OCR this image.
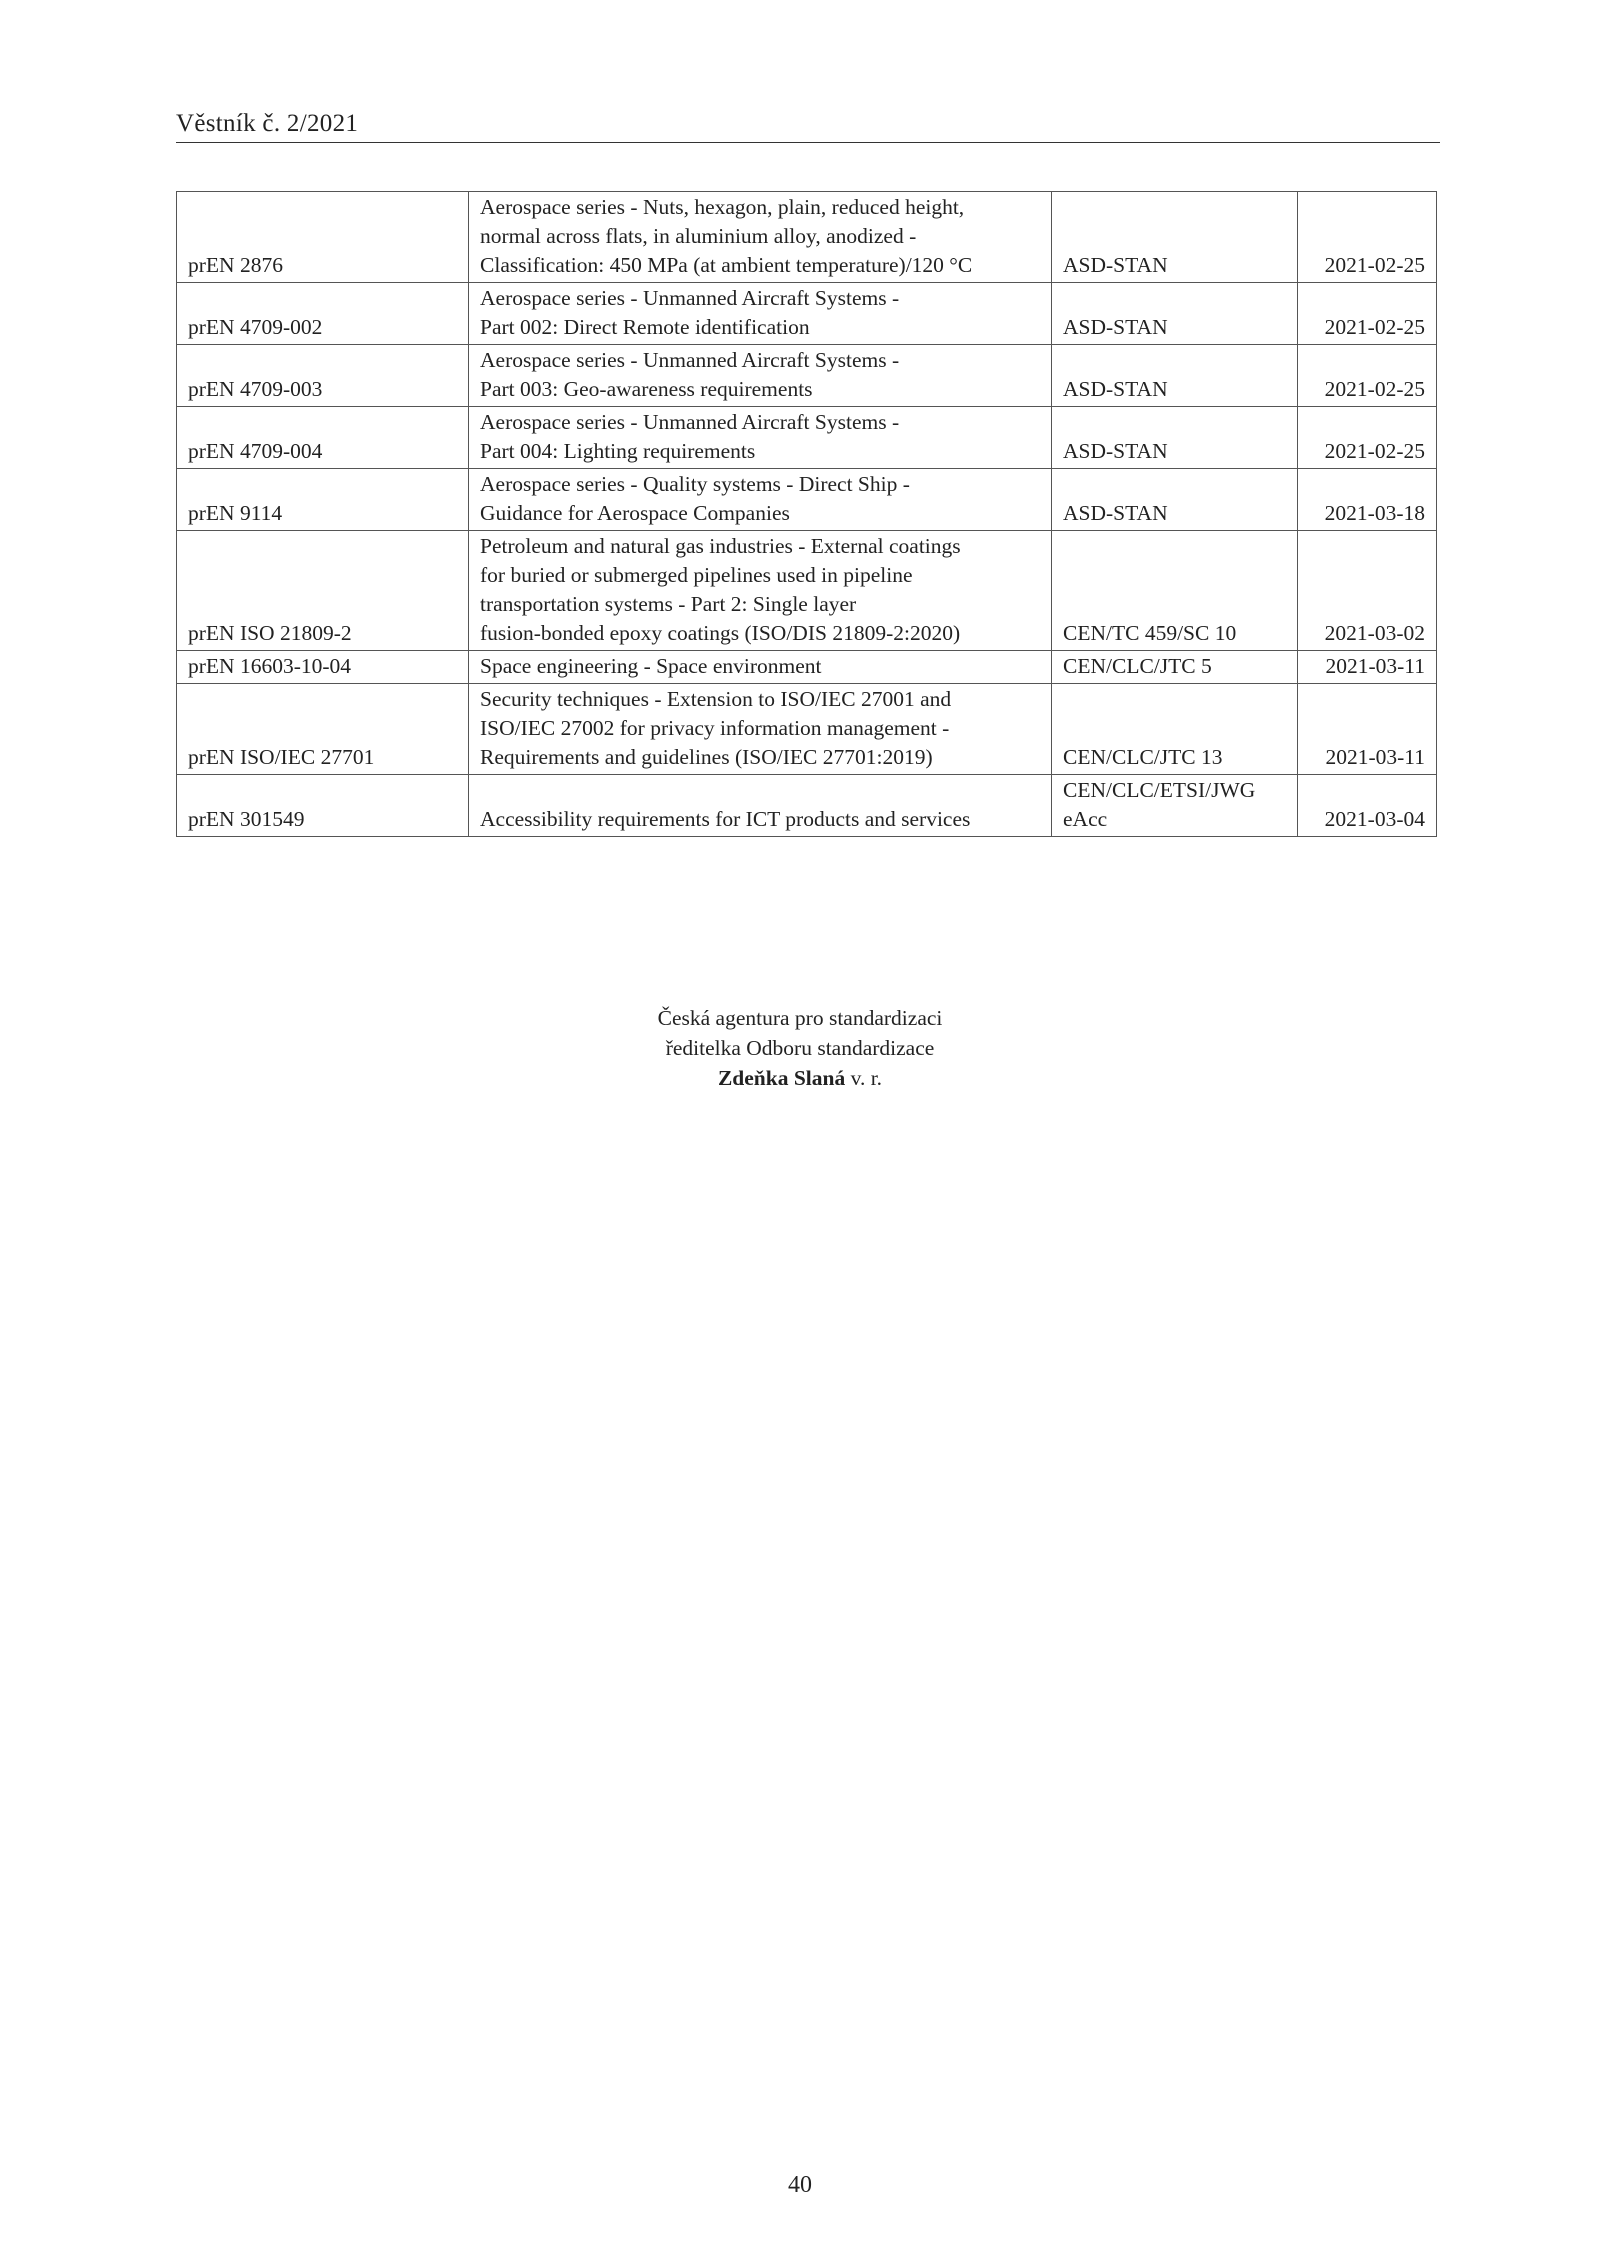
Věstník č. 2/2021
prEN 2876	Aerospace series - Nuts, hexagon, plain, reduced height,
normal across flats, in aluminium alloy, anodized -
Classification: 450 MPa (at ambient temperature)/120 °C	ASD-STAN	2021-02-25
prEN 4709-002	Aerospace series - Unmanned Aircraft Systems -
Part 002: Direct Remote identification	ASD-STAN	2021-02-25
prEN 4709-003	Aerospace series - Unmanned Aircraft Systems -
Part 003: Geo-awareness requirements	ASD-STAN	2021-02-25
prEN 4709-004	Aerospace series - Unmanned Aircraft Systems -
Part 004: Lighting requirements	ASD-STAN	2021-02-25
prEN 9114	Aerospace series - Quality systems - Direct Ship -
Guidance for Aerospace Companies	ASD-STAN	2021-03-18
prEN ISO 21809-2	Petroleum and natural gas industries - External coatings
for buried or submerged pipelines used in pipeline
transportation systems - Part 2: Single layer
fusion-bonded epoxy coatings (ISO/DIS 21809-2:2020)	CEN/TC 459/SC 10	2021-03-02
prEN 16603-10-04	Space engineering - Space environment	CEN/CLC/JTC 5	2021-03-11
prEN ISO/IEC 27701	Security techniques - Extension to ISO/IEC 27001 and
ISO/IEC 27002 for privacy information management -
Requirements and guidelines (ISO/IEC 27701:2019)	CEN/CLC/JTC 13	2021-03-11
prEN 301549	Accessibility requirements for ICT products and services	CEN/CLC/ETSI/JWG
eAcc	2021-03-04
Česká agentura pro standardizaci
ředitelka Odboru standardizace
Zdeňka Slaná v. r.
40
